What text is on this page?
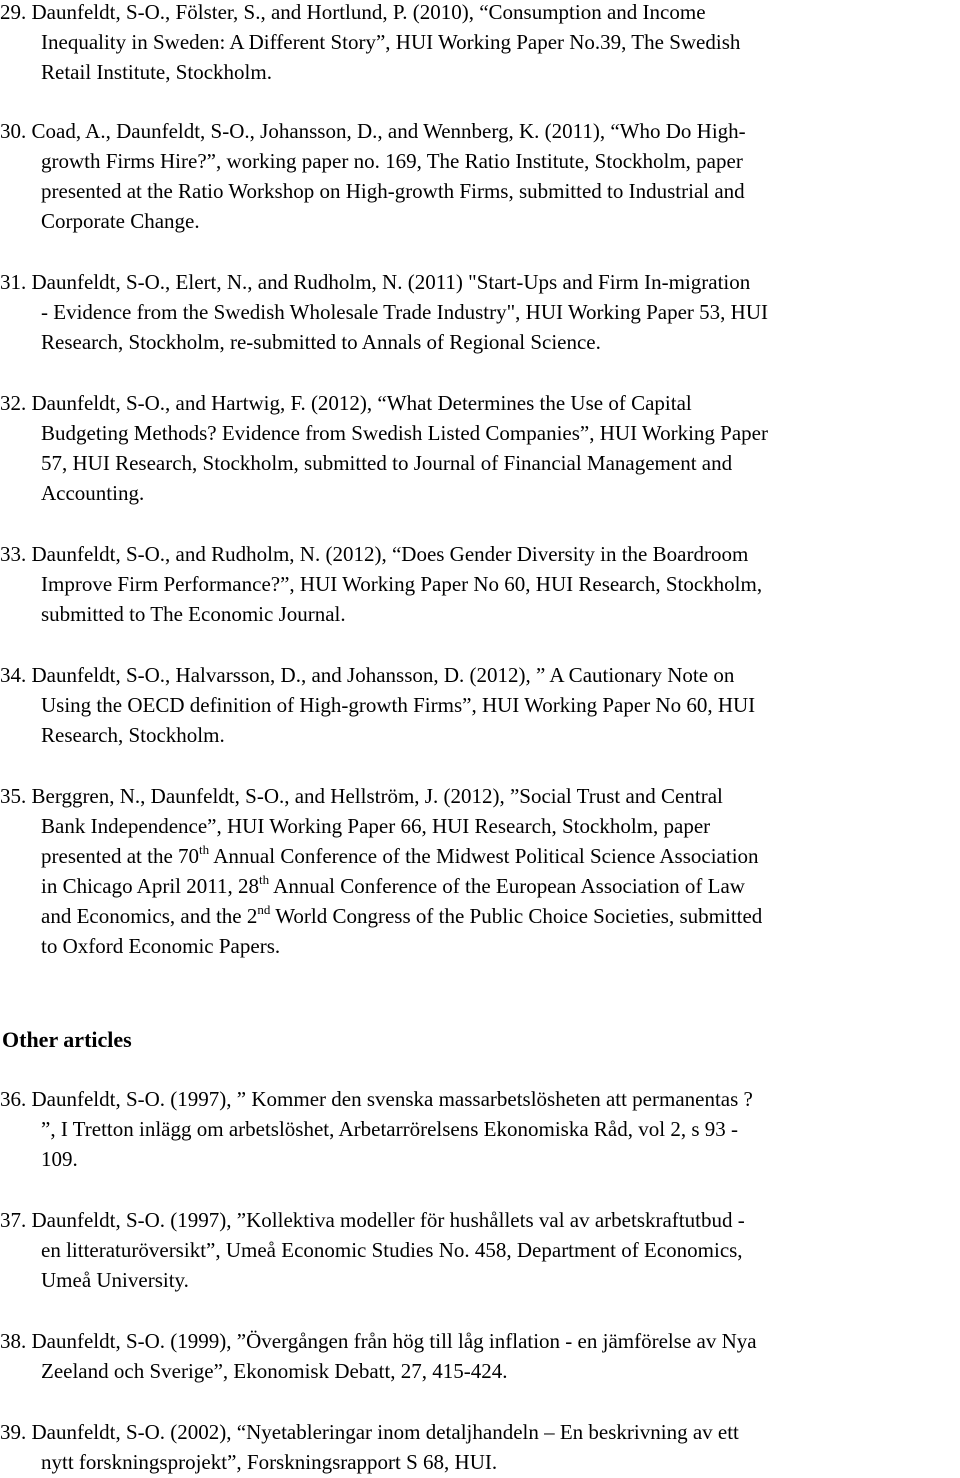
Other articles
29. Daunfeldt, S-O., Fölster, S., and Hortlund, P. (2010), “Consumption and Income
Inequality in Sweden: A Different Story”, HUI Working Paper No.39, The Swedish
Retail Institute, Stockholm.
30. Coad, A., Daunfeldt, S-O., Johansson, D., and Wennberg, K. (2011), “Who Do High-
growth Firms Hire?”, working paper no. 169, The Ratio Institute, Stockholm, paper
presented at the Ratio Workshop on High-growth Firms, submitted to Industrial and
Corporate Change.
31. Daunfeldt, S-O., Elert, N., and Rudholm, N. (2011) "Start-Ups and Firm In-migration
- Evidence from the Swedish Wholesale Trade Industry", HUI Working Paper 53, HUI
Research, Stockholm, re-submitted to Annals of Regional Science.
32. Daunfeldt, S-O., and Hartwig, F. (2012), “What Determines the Use of Capital
Budgeting Methods? Evidence from Swedish Listed Companies”, HUI Working Paper
57, HUI Research, Stockholm, submitted to Journal of Financial Management and
Accounting.
33. Daunfeldt, S-O., and Rudholm, N. (2012), “Does Gender Diversity in the Boardroom
Improve Firm Performance?”, HUI Working Paper No 60, HUI Research, Stockholm,
submitted to The Economic Journal.
34. Daunfeldt, S-O., Halvarsson, D., and Johansson, D. (2012), ” A Cautionary Note on
Using the OECD definition of High-growth Firms”, HUI Working Paper No 60, HUI
Research, Stockholm.
35. Berggren, N., Daunfeldt, S-O., and Hellström, J. (2012), ”Social Trust and Central
Bank Independence”, HUI Working Paper 66, HUI Research, Stockholm, paper
presented at the 70th Annual Conference of the Midwest Political Science Association
in Chicago April 2011, 28th Annual Conference of the European Association of Law
and Economics, and the 2nd World Congress of the Public Choice Societies, submitted
to Oxford Economic Papers.
36. Daunfeldt, S-O. (1997), ” Kommer den svenska massarbetslösheten att permanentas ?
”, I Tretton inlägg om arbetslöshet, Arbetarrörelsens Ekonomiska Råd, vol 2, s 93 -
109.
37. Daunfeldt, S-O. (1997), ”Kollektiva modeller för hushållets val av arbetskraftutbud -
en litteraturöversikt”, Umeå Economic Studies No. 458, Department of Economics,
Umeå University.
38. Daunfeldt, S-O. (1999), ”Övergången från hög till låg inflation - en jämförelse av Nya
Zeeland och Sverige”, Ekonomisk Debatt, 27, 415-424.
39. Daunfeldt, S-O. (2002), “Nyetableringar inom detaljhandeln – En beskrivning av ett
nytt forskningsprojekt”, Forskningsrapport S 68, HUI.
